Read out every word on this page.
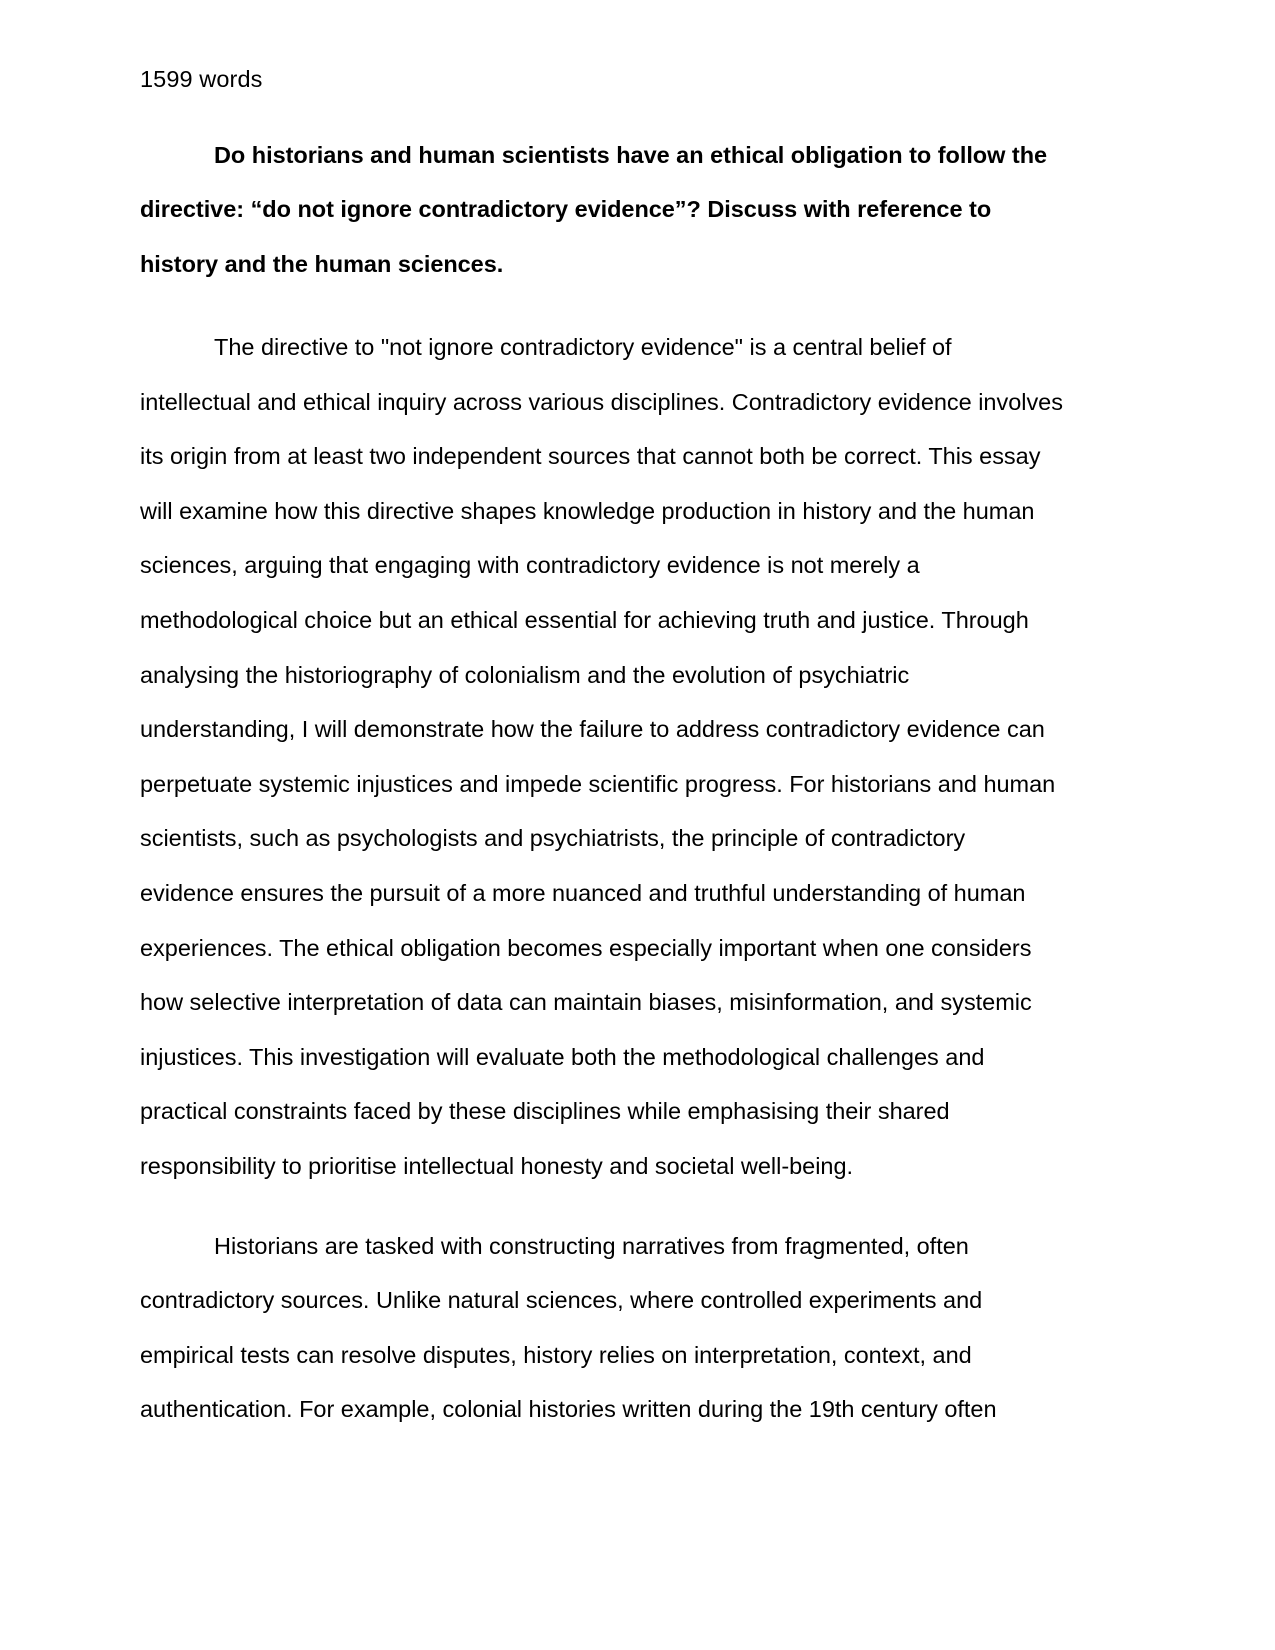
1599 words
Do historians and human scientists have an ethical obligation to follow the directive: “do not ignore contradictory evidence”? Discuss with reference to history and the human sciences.
The directive to "not ignore contradictory evidence" is a central belief of intellectual and ethical inquiry across various disciplines. Contradictory evidence involves its origin from at least two independent sources that cannot both be correct. This essay will examine how this directive shapes knowledge production in history and the human sciences, arguing that engaging with contradictory evidence is not merely a methodological choice but an ethical essential for achieving truth and justice. Through analysing the historiography of colonialism and the evolution of psychiatric understanding, I will demonstrate how the failure to address contradictory evidence can perpetuate systemic injustices and impede scientific progress. For historians and human scientists, such as psychologists and psychiatrists, the principle of contradictory evidence ensures the pursuit of a more nuanced and truthful understanding of human experiences. The ethical obligation becomes especially important when one considers how selective interpretation of data can maintain biases, misinformation, and systemic injustices. This investigation will evaluate both the methodological challenges and practical constraints faced by these disciplines while emphasising their shared responsibility to prioritise intellectual honesty and societal well-being.
Historians are tasked with constructing narratives from fragmented, often contradictory sources. Unlike natural sciences, where controlled experiments and empirical tests can resolve disputes, history relies on interpretation, context, and authentication. For example, colonial histories written during the 19th century often
